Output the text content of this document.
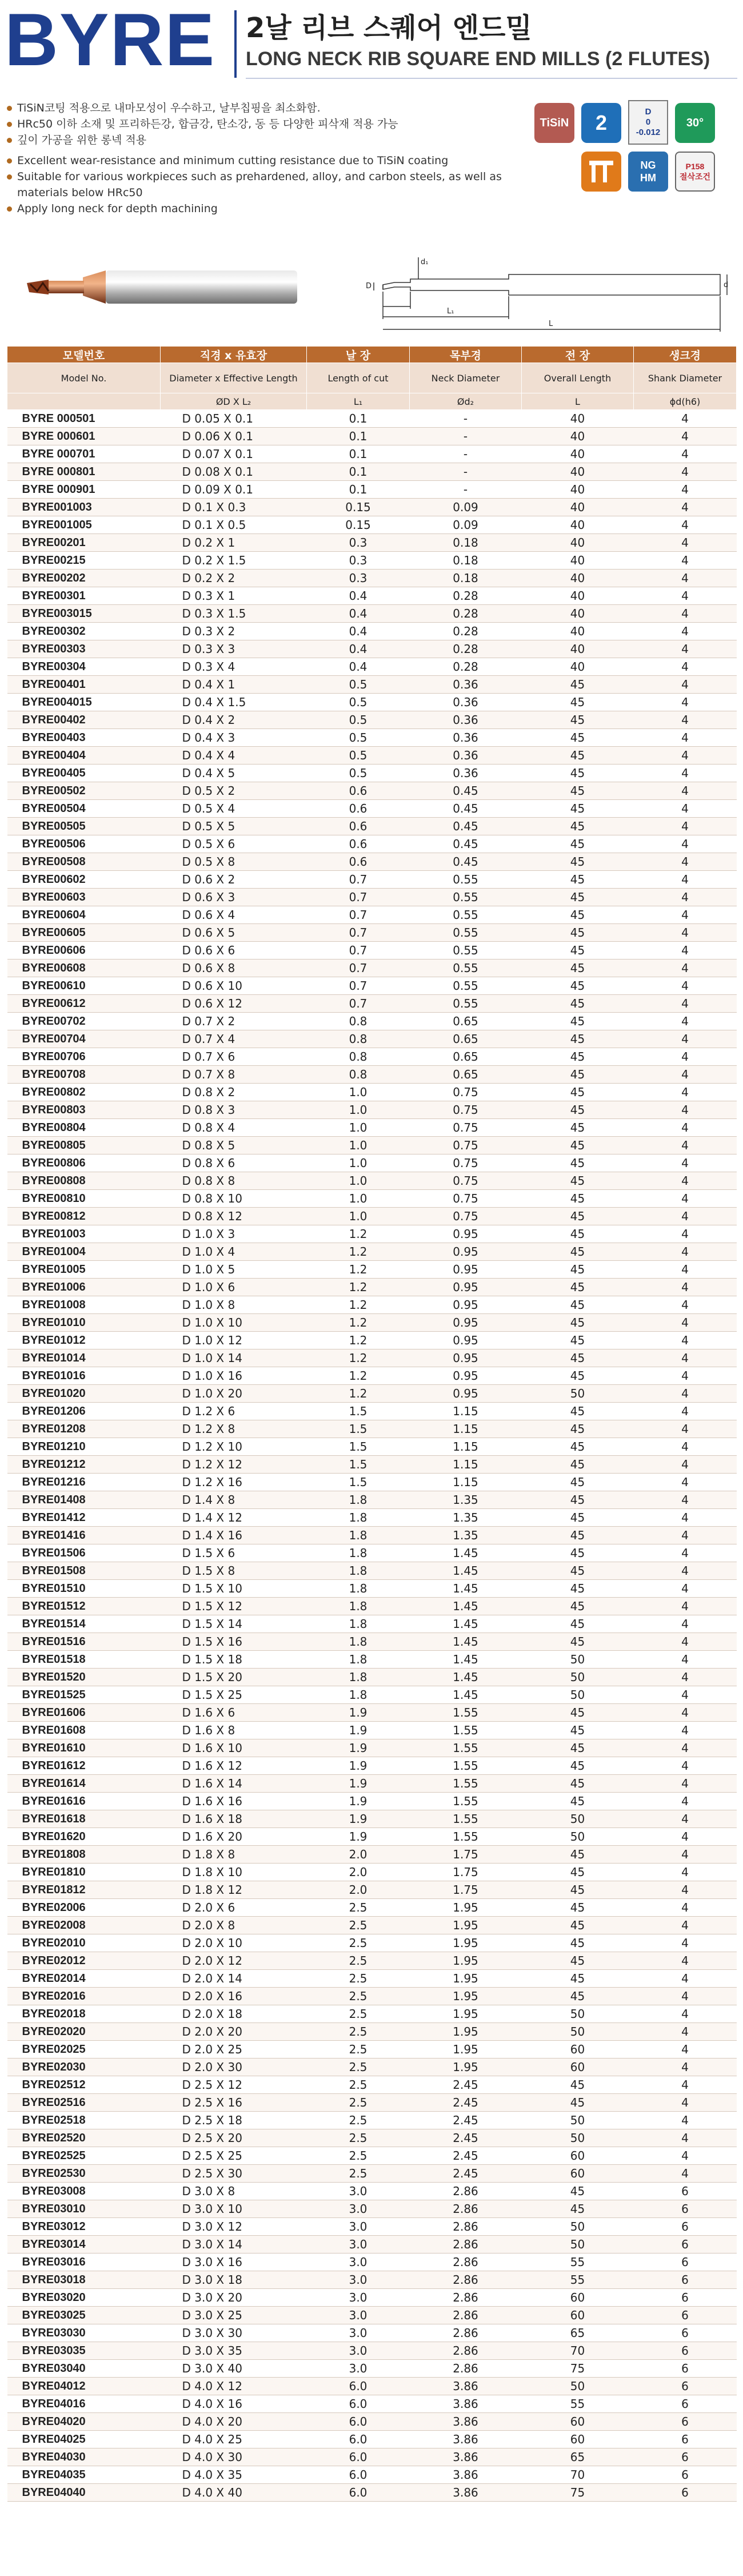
BYRE 2날 리브 스퀘어 엔드밀
LONG NECK RIB SQUARE END MILLS (2 FLUTES)
TiSiN코팅 적용으로 내마모성이 우수하고, 날부칩핑을 최소화함.
HRc50 이하 소재 및 프리하든강, 합금강, 탄소강, 동 등 다양한 피삭재 적용 가능
깊이 가공을 위한 롱넥 적용
Excellent wear-resistance and minimum cutting resistance due to TiSiN coating
Suitable for various workpieces such as prehardened, alloy, and carbon steels, as well as materials below HRc50
Apply long neck for depth machining
TiSiN	2	D
0
-0.012
30°
NG
HM
P158
절삭조건
d₁
D
L₁
L
d
모델번호	직경 x 유효장	날 장	목부경	전 장	생크경
Model No.	Diameter x Effective Length	Length of cut	Neck Diameter	Overall Length	Shank Diameter
	ØD X L₂	L₁	Ød₂	L	ϕd(h6)
BYRE 000501	D 0.05 X 0.1	0.1	-	40	4
BYRE 000601	D 0.06 X 0.1	0.1	-	40	4
BYRE 000701	D 0.07 X 0.1	0.1	-	40	4
BYRE 000801	D 0.08 X 0.1	0.1	-	40	4
BYRE 000901	D 0.09 X 0.1	0.1	-	40	4
BYRE001003	D 0.1 X 0.3	0.15	0.09	40	4
BYRE001005	D 0.1 X 0.5	0.15	0.09	40	4
BYRE00201	D 0.2 X 1	0.3	0.18	40	4
BYRE00215	D 0.2 X 1.5	0.3	0.18	40	4
BYRE00202	D 0.2 X 2	0.3	0.18	40	4
BYRE00301	D 0.3 X 1	0.4	0.28	40	4
BYRE003015	D 0.3 X 1.5	0.4	0.28	40	4
BYRE00302	D 0.3 X 2	0.4	0.28	40	4
BYRE00303	D 0.3 X 3	0.4	0.28	40	4
BYRE00304	D 0.3 X 4	0.4	0.28	40	4
BYRE00401	D 0.4 X 1	0.5	0.36	45	4
BYRE004015	D 0.4 X 1.5	0.5	0.36	45	4
BYRE00402	D 0.4 X 2	0.5	0.36	45	4
BYRE00403	D 0.4 X 3	0.5	0.36	45	4
BYRE00404	D 0.4 X 4	0.5	0.36	45	4
BYRE00405	D 0.4 X 5	0.5	0.36	45	4
BYRE00502	D 0.5 X 2	0.6	0.45	45	4
BYRE00504	D 0.5 X 4	0.6	0.45	45	4
BYRE00505	D 0.5 X 5	0.6	0.45	45	4
BYRE00506	D 0.5 X 6	0.6	0.45	45	4
BYRE00508	D 0.5 X 8	0.6	0.45	45	4
BYRE00602	D 0.6 X 2	0.7	0.55	45	4
BYRE00603	D 0.6 X 3	0.7	0.55	45	4
BYRE00604	D 0.6 X 4	0.7	0.55	45	4
BYRE00605	D 0.6 X 5	0.7	0.55	45	4
BYRE00606	D 0.6 X 6	0.7	0.55	45	4
BYRE00608	D 0.6 X 8	0.7	0.55	45	4
BYRE00610	D 0.6 X 10	0.7	0.55	45	4
BYRE00612	D 0.6 X 12	0.7	0.55	45	4
BYRE00702	D 0.7 X 2	0.8	0.65	45	4
BYRE00704	D 0.7 X 4	0.8	0.65	45	4
BYRE00706	D 0.7 X 6	0.8	0.65	45	4
BYRE00708	D 0.7 X 8	0.8	0.65	45	4
BYRE00802	D 0.8 X 2	1.0	0.75	45	4
BYRE00803	D 0.8 X 3	1.0	0.75	45	4
BYRE00804	D 0.8 X 4	1.0	0.75	45	4
BYRE00805	D 0.8 X 5	1.0	0.75	45	4
BYRE00806	D 0.8 X 6	1.0	0.75	45	4
BYRE00808	D 0.8 X 8	1.0	0.75	45	4
BYRE00810	D 0.8 X 10	1.0	0.75	45	4
BYRE00812	D 0.8 X 12	1.0	0.75	45	4
BYRE01003	D 1.0 X 3	1.2	0.95	45	4
BYRE01004	D 1.0 X 4	1.2	0.95	45	4
BYRE01005	D 1.0 X 5	1.2	0.95	45	4
BYRE01006	D 1.0 X 6	1.2	0.95	45	4
BYRE01008	D 1.0 X 8	1.2	0.95	45	4
BYRE01010	D 1.0 X 10	1.2	0.95	45	4
BYRE01012	D 1.0 X 12	1.2	0.95	45	4
BYRE01014	D 1.0 X 14	1.2	0.95	45	4
BYRE01016	D 1.0 X 16	1.2	0.95	45	4
BYRE01020	D 1.0 X 20	1.2	0.95	50	4
BYRE01206	D 1.2 X 6	1.5	1.15	45	4
BYRE01208	D 1.2 X 8	1.5	1.15	45	4
BYRE01210	D 1.2 X 10	1.5	1.15	45	4
BYRE01212	D 1.2 X 12	1.5	1.15	45	4
BYRE01216	D 1.2 X 16	1.5	1.15	45	4
BYRE01408	D 1.4 X 8	1.8	1.35	45	4
BYRE01412	D 1.4 X 12	1.8	1.35	45	4
BYRE01416	D 1.4 X 16	1.8	1.35	45	4
BYRE01506	D 1.5 X 6	1.8	1.45	45	4
BYRE01508	D 1.5 X 8	1.8	1.45	45	4
BYRE01510	D 1.5 X 10	1.8	1.45	45	4
BYRE01512	D 1.5 X 12	1.8	1.45	45	4
BYRE01514	D 1.5 X 14	1.8	1.45	45	4
BYRE01516	D 1.5 X 16	1.8	1.45	45	4
BYRE01518	D 1.5 X 18	1.8	1.45	50	4
BYRE01520	D 1.5 X 20	1.8	1.45	50	4
BYRE01525	D 1.5 X 25	1.8	1.45	50	4
BYRE01606	D 1.6 X 6	1.9	1.55	45	4
BYRE01608	D 1.6 X 8	1.9	1.55	45	4
BYRE01610	D 1.6 X 10	1.9	1.55	45	4
BYRE01612	D 1.6 X 12	1.9	1.55	45	4
BYRE01614	D 1.6 X 14	1.9	1.55	45	4
BYRE01616	D 1.6 X 16	1.9	1.55	45	4
BYRE01618	D 1.6 X 18	1.9	1.55	50	4
BYRE01620	D 1.6 X 20	1.9	1.55	50	4
BYRE01808	D 1.8 X 8	2.0	1.75	45	4
BYRE01810	D 1.8 X 10	2.0	1.75	45	4
BYRE01812	D 1.8 X 12	2.0	1.75	45	4
BYRE02006	D 2.0 X 6	2.5	1.95	45	4
BYRE02008	D 2.0 X 8	2.5	1.95	45	4
BYRE02010	D 2.0 X 10	2.5	1.95	45	4
BYRE02012	D 2.0 X 12	2.5	1.95	45	4
BYRE02014	D 2.0 X 14	2.5	1.95	45	4
BYRE02016	D 2.0 X 16	2.5	1.95	45	4
BYRE02018	D 2.0 X 18	2.5	1.95	50	4
BYRE02020	D 2.0 X 20	2.5	1.95	50	4
BYRE02025	D 2.0 X 25	2.5	1.95	60	4
BYRE02030	D 2.0 X 30	2.5	1.95	60	4
BYRE02512	D 2.5 X 12	2.5	2.45	45	4
BYRE02516	D 2.5 X 16	2.5	2.45	45	4
BYRE02518	D 2.5 X 18	2.5	2.45	50	4
BYRE02520	D 2.5 X 20	2.5	2.45	50	4
BYRE02525	D 2.5 X 25	2.5	2.45	60	4
BYRE02530	D 2.5 X 30	2.5	2.45	60	4
BYRE03008	D 3.0 X 8	3.0	2.86	45	6
BYRE03010	D 3.0 X 10	3.0	2.86	45	6
BYRE03012	D 3.0 X 12	3.0	2.86	50	6
BYRE03014	D 3.0 X 14	3.0	2.86	50	6
BYRE03016	D 3.0 X 16	3.0	2.86	55	6
BYRE03018	D 3.0 X 18	3.0	2.86	55	6
BYRE03020	D 3.0 X 20	3.0	2.86	60	6
BYRE03025	D 3.0 X 25	3.0	2.86	60	6
BYRE03030	D 3.0 X 30	3.0	2.86	65	6
BYRE03035	D 3.0 X 35	3.0	2.86	70	6
BYRE03040	D 3.0 X 40	3.0	2.86	75	6
BYRE04012	D 4.0 X 12	6.0	3.86	50	6
BYRE04016	D 4.0 X 16	6.0	3.86	55	6
BYRE04020	D 4.0 X 20	6.0	3.86	60	6
BYRE04025	D 4.0 X 25	6.0	3.86	60	6
BYRE04030	D 4.0 X 30	6.0	3.86	65	6
BYRE04035	D 4.0 X 35	6.0	3.86	70	6
BYRE04040	D 4.0 X 40	6.0	3.86	75	6
